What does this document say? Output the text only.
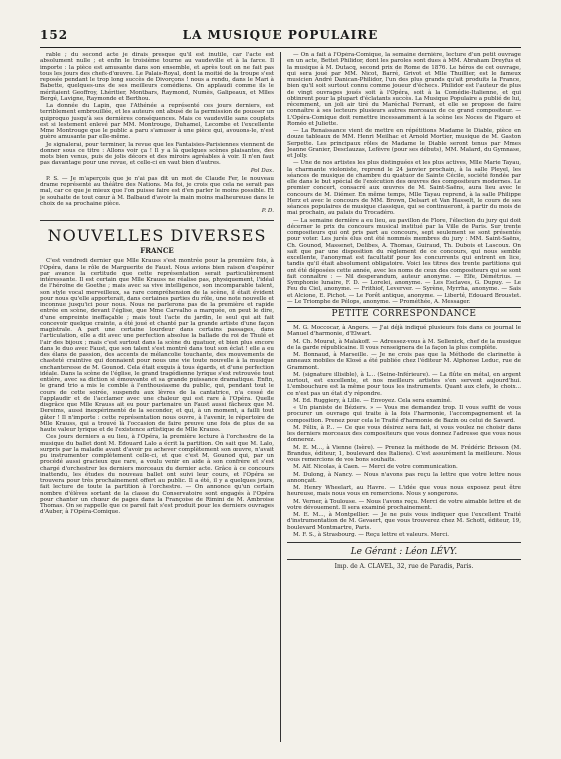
152	LA MUSIQUE POPULAIRE

rable ; du second acte je dirais presque qu'il est inutile, car l'acte est absolument nulle ; et enfin le troisième tourne au vaudeville et à la farce. Il importe : la pièce est amusante dans son ensemble, et après tout on ne fait pas tous les jours des chefs-d'œuvre. Le Palais-Royal, dont la moitié de la troupe s'est reposée pendant le trop long succès de Divorçons ! nous a rendu, dans le Mari à Babette, quelques-uns de ses meilleurs comédiens. On applaudi comme ils le méritaient Geoffroy, Lhéritier, Montbars, Raymond, Numès, Galipeaux, et Mlles Bergé, Lavigne, Raymonde et Berthou.

La donnée du Lapin, que l'Athénée a représenté ces jours derniers, est terriblement embrouillée, et les auteurs ont abusé de la permission de pousser un quiproquo jusqu'à ses dernières conséquences. Mais ce vaudeville sans couplets est si lestement enlevé par MM. Montrouge, Duhamel, Lecombe et l'excellente Mme Montrouge que le public a paru s'amuser à une pièce qui, avouons-le, n'est guère amusante par elle-même.

Je signalerai, pour terminer, la revue que les Fantaisies-Parisiennes viennent de donner sous ce titre : Allons voir ça ! Il y a là quelques scènes plaisantes, des mots bien venus, puis de jolis décors et des miroirs agréables à voir. Il n'en faut pas davantage pour une revue, et celle-ci en vaut bien d'autres.

Pol Dax.

P. S. — Je m'aperçois que je n'ai pas dit un mot de Claude Fer, le nouveau drame représenté au théâtre des Nations. Ma foi, je crois que cela ne serait pas mal, car ce que je mieux que l'on puisse faire est d'en parler le moins possible. Et je souhaite de tout cœur à M. Balbaud d'avoir la main moins malheureuse dans le choix de sa prochaine pièce.

P. D.
NOUVELLES DIVERSES
FRANCE

C'est vendredi dernier que Mlle Krauss s'est montrée pour la première fois, à l'Opéra, dans le rôle de Marguerite de Faust. Nous avions bien raison d'espérer par avance la certitude que cette représentation serait particulièrement intéressante. Il est certain que Mlle Krauss ne réalise pas, physiquement, l'idéal de l'héroïne de Goethe ; mais avec sa vive intelligence, son incomparable talent, son style vocal merveilleux, sa rare compréhension de la scène, il était évident pour nous qu'elle apporterait, dans certaines parties du rôle, une note nouvelle et inconnue jusqu'ici pour nous. Nous ne parlerons pas de la première et rapide entrée en scène, devant l'église, que Mme Carvalho a marquée, on peut le dire, d'une empreinte ineffaçable ; mais tout l'acte du jardin, le seul qui ait fait concevoir quelque crainte, a été joué et chanté par la grande artiste d'une façon magistrale. A part une certaine lourdeur dans certains passages, dans l'articulation, elle a dit avec une perfection absolue la ballade du roi de Thulé et l'air des bijoux ; mais c'est surtout dans la scène du quatuor, et bien plus encore dans le duo avec Faust, que son talent s'est montré dans tout son éclat ! elle a eu des élans de passion, des accents de mélancolie touchante, des mouvements de chasteté craintive qui donnaient pour nous une vie toute nouvelle à la musique enchanteresse de M. Gounod. Cela était exquis à tous égards, et d'une perfection idéale. Dans la scène de l'église, le grand tragédienne lyrique s'est retrouvée tout entière, avec sa diction si émouvante et sa grande puissance dramatique. Enfin, le grand trio a mis le comble à l'enthousiasme du public, qui, pendant tout le cours de cette soirée, suspendu aux lèvres de la cantatrice, n'a cessé de l'applaudir et de l'acclamer avec une chaleur qui est rare à l'Opéra. Quelle disgrâce que Mlle Krauss ait eu pour partenaire un Faust aussi fâcheux que M. Dereims, aussi inexpérimenté de la seconder, et qui, à un moment, a failli tout gâter ! Il n'importe : cette représentation nous ouvre, à l'avenir, le répertoire de Mlle Krauss, qui a trouvé là l'occasion de faire preuve une fois de plus de sa haute valeur lyrique et de l'existence artistique de Mlle Krauss.

Ces jours derniers a eu lieu, à l'Opéra, la première lecture à l'orchestre de la musique du ballet dont M. Edouard Lalo a écrit la partition. On sait que M. Lalo, surpris par la maladie avant d'avoir pu achever complètement son œuvre, n'avait pu instrumenter complètement celle-ci, et que c'est M. Gounod qui, par un procédé aussi gracieux que rare, a voulu venir en aide à son confrère et s'est chargé d'orchestrer les derniers morceaux du dernier acte. Grâce à ce concours inattendu, les études du nouveau ballet ont suivi leur cours, et l'Opéra se trouvera pour très prochainement offert au public. Il a été, il y a quelques jours, fait lecture de toute la partition à l'orchestre. — On annonce qu'un certain nombre d'élèves sortant de la classe du Conservatoire sont engagés à l'Opéra pour chanter un chœur de pages dans la Françoise de Rimini de M. Ambroise Thomas. On se rappelle que ce pareil fait s'est produit pour les derniers ouvrages d'Auber, à l'Opéra-Comique.

— On a fait à l'Opéra-Comique, la semaine dernière, lecture d'un petit ouvrage en un acte, Bettet Philidor, dont les paroles sont dues à MM. Abraham Dreyfus et la musique à M. Dutacq, second prix de Rome de 1876. Le héros de cet ouvrage, qui sera joué par MM. Nicot, Barré, Grivot et Mlle Thuillier, est le fameux musicien André Danican-Philidor, l'un des plus grands qu'ait produits la France, bien qu'il soit surtout connu comme joueur d'échecs. Philidor est l'auteur de plus de vingt ouvrages joués soit à l'Opéra, soit à la Comédie-Italienne, et qui obtinrent pour la plupart d'éclatants succès. La Musique Populaire a publié de lui, récemment, un joli air tiré du Maréchal Ferrant, et elle se propose de faire connaître à ses lecteurs plusieurs autres morceaux de ce grand compositeur. — L'Opéra-Comique doit remettre incessamment à la scène les Noces de Figaro et Roméo et Juliette.

— La Renaissance vient de mettre en répétitions Madame le Diable, pièce en douze tableaux de MM. Henri Meilhac et Arnold Mortier, musique de M. Gaston Serpette. Les principaux rôles de Madame le Diable seront tenus par Mmes Jeanne Granier, Desclauzas, Lefèvre (pour ses débuts), MM. Malard, du Gymnase, et Jolly.

— Une de nos artistes les plus distinguées et les plus actives, Mlle Marie Tayau, la charmante violoniste, reprend le 24 janvier prochain, à la salle Pleyel, les séances de musique de chambre du quatuor de Sainte Cécile, société fondée par elle dans le but spécial de l'exécution des œuvres des compositeurs modernes. Le premier concert, consacré aux œuvres de M. Saint-Saëns, aura lieu avec le concours de M. Diémer. En même temps, Mlle Tayau reprend, à la salle Philippe Herz et avec le concours de MM. Brown, Delsart et Van Hasselt, le cours de ses séances populaires de musique classique, qui se continueront, à partir du mois de mai prochain, au palais du Trocadéro.

— La semaine dernière a eu lieu, au pavillon de Flore, l'élection du jury qui doit décerner le prix du concours musical institué par la Ville de Paris. Sur trente compositeurs qui ont pris part au concours, sept seulement se sont présentés pour voter. Les jurés élus ont été nommés membres du jury : MM. Saint-Saëns, Ch. Gounod, Massenet, Delibes, A. Thomas, Guiraud, Th. Dubois et Lascoux. On sait que par une disposition du règlement de ce concours, qui nous semble excellente, l'anonymat est facultatif pour les concurrents qui entrent en lice, tandis qu'il était absolument obligatoire. Voici les titres des trente partitions qui ont été déposées cette année, avec les noms de ceux des compositeurs qui se sont fait connaître : — Nil desperandum, auteur anonyme. — Elfe, Démétrius. — Symphonie lunaire, F. D. — Lorelei, anonyme. — Les Esclaves, G. Dupuy. — Le Feu du Ciel, anonyme. — Frithiof, Leverver. — Syrène, Myrrha, anonyme. — Sais et Alcione, E. Pichot. — Le Forêt antique, anonyme. — Liberté, Edouard Broustet. — Le Triomphe de Pélops, anonyme. — Prométhée, A. Messager.

PETITE CORRESPONDANCE

M. G. Moccocar, à Angers. — J'ai déjà indiqué plusieurs fois dans ce journal le Manuel d'harmonie, d'Elwart.

M. Ch. Mourat, à Malakoff. — Adressez-vous à M. Sellenick, chef de la musique de la garde républicaine. Il vous renseignera de la façon la plus complète.

M. Bonnaud, à Marseille. — Je ne crois pas que la Méthode de clarinette à anneaux mobiles de Klosé a été publiée chez l'éditeur M. Alphonse Leduc, rue de Grammont.

M. (signature illisible), à L... (Seine-Inférieure). — La flûte en métal, en argent surtout, est excellente, et nos meilleurs artistes s'en servent aujourd'hui. L'embouchure est la même pour tous les instruments. Quant aux clefs, le choix... ce n'est pas un état d'y répondre.

M. Ed. Ruggiery, à Lille. — Envoyez. Cela sera examiné.

« Un pianiste de Béziers. » — Vous me demandez trop. Il vous suffit de vous procurer un ouvrage qui traite à la fois l'harmonie, l'accompagnement et la composition. Prenez pour cela le Traité d'harmonie de Bazin ou celui de Savard.

M. Félix, à P... — Ce que vous désirez sera fait, si vous voulez ne choisir dans les derniers morceaux des compositeurs que vous donnez l'adresse que vous nous donnerez.

M. E. M..., à Vienne (Isère). — Prenez la méthode de M. Frédéric Brisson (M. Brandus, éditeur, 1, boulevard des Italiens). C'est assurément la meilleure. Nous vous remercions de vos bons souhaits.

M. Alf. Nicolas, à Caen. — Merci de votre communication.

M. Dulong, à Nancy. — Nous n'avons pas reçu la lettre que votre lettre nous annonçait.

M. Henry Wheelart, au Havre. — L'idée que vous nous exposez peut être heureuse, mais nous vous en remercions. Nous y songerons.

M. Verner, à Toulouse. — Nous l'avons reçu. Merci de votre aimable lettre et de votre dévouement. Il sera examiné prochainement.

M. E. M..., à Montpellier. — Je ne puis vous indiquer que l'excellent Traité d'instrumentation de M. Gevaert, que vous trouverez chez M. Schott, éditeur, 19, boulevard Montmartre, Paris.

M. F. S., à Strasbourg. — Reçu lettre et valeurs. Merci.

Le Gérant : Léon LÉVY.
Imp. de A. CLAVEL, 32, rue de Paradis, Paris.
